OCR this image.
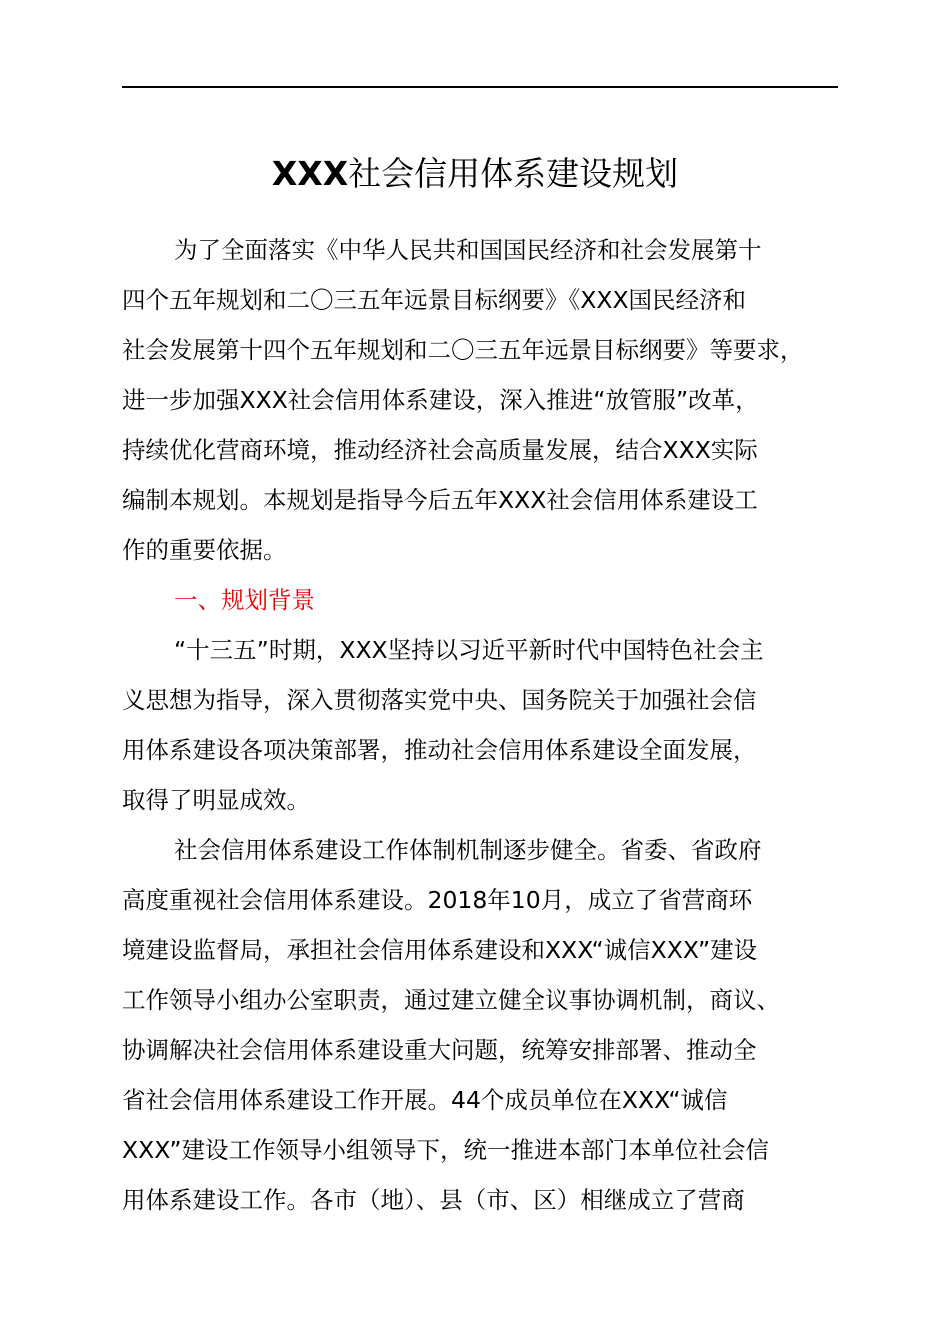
XXX社会信用体系建设规划
为了全面落实《中华人民共和国国民经济和社会发展第十
四个五年规划和二〇三五年远景目标纲要》《XXX国民经济和
社会发展第十四个五年规划和二〇三五年远景目标纲要》等要求，
进一步加强XXX社会信用体系建设，深入推进“放管服”改革，
持续优化营商环境，推动经济社会高质量发展，结合XXX实际
编制本规划。本规划是指导今后五年XXX社会信用体系建设工
作的重要依据。
一、规划背景
“十三五”时期，XXX坚持以习近平新时代中国特色社会主
义思想为指导，深入贯彻落实党中央、国务院关于加强社会信
用体系建设各项决策部署，推动社会信用体系建设全面发展，
取得了明显成效。
社会信用体系建设工作体制机制逐步健全。省委、省政府
高度重视社会信用体系建设。2018年10月，成立了省营商环
境建设监督局，承担社会信用体系建设和XXX“诚信XXX”建设
工作领导小组办公室职责，通过建立健全议事协调机制，商议、
协调解决社会信用体系建设重大问题，统筹安排部署、推动全
省社会信用体系建设工作开展。44个成员单位在XXX“诚信
XXX”建设工作领导小组领导下，统一推进本部门本单位社会信
用体系建设工作。各市（地）、县（市、区）相继成立了营商
